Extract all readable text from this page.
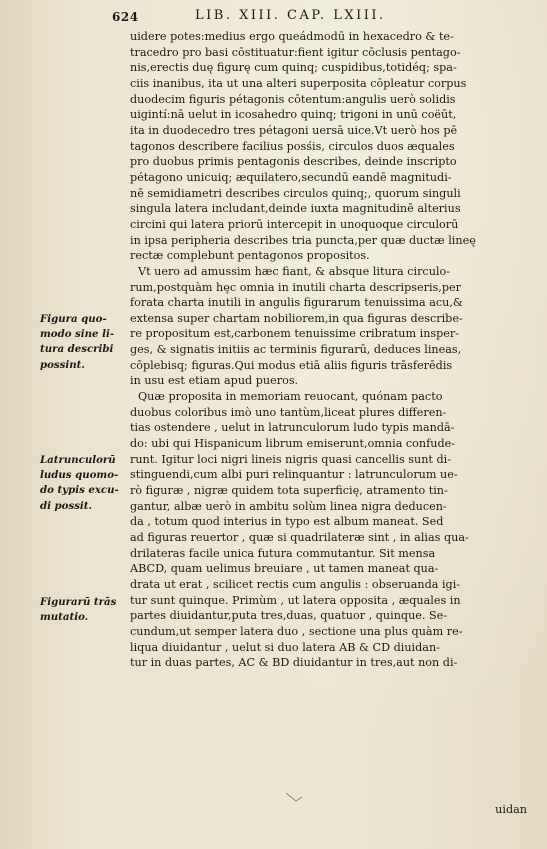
624	LIB. XIII. CAP. LXIII.
uidere potes:medius ergo queádmodū in hexacedro & te-
tracedro pro basi cōstituatur:fient igitur cōclusis pentago-
nis,erectis duę figurę cum quinq; cuspidibus,totidéq; spa-
ciis inanibus, ita ut una alteri superposita cōpleatur corpus
duodecim figuris pétagonis cōtentum:angulis uerò solidis
uigintí:nā uelut in icosahedro quinq; trigoni in unū coëūt,
ita in duodecedro tres pétagoni uersā uice.Vt uerò hos pē
tagonos describere facilius posśis, circulos duos æquales
pro duobus primis pentagonis describes, deinde inscripto
pétagono unicuiq; æquilatero,secundū eandē magnitudi-
nē semidiametri describes circulos quinq;, quorum singuli
singula latera includant,deinde iuxta magnitudinē alterius
circini qui latera priorū intercepit in unoquoque circulorū
in ipsa peripheria describes tria puncta,per quæ ductæ lineę
rectæ complebunt pentagonos propositos.
Vt uero ad amussim hæc fiant, & absque litura circulo-
rum,postquàm hęc omnia in inutili charta descripseris,per
forata charta inutili in angulis figurarum tenuissima acu,&
extensa super chartam nobiliorem,in qua figuras describe-
re propositum est,carbonem tenuissime cribratum insper-
ges, & signatis initiis ac terminis figurarū, deduces lineas,
cōplebisq; figuras.Qui modus etiā aliis figuris trāsferēdis
in usu est etiam apud pueros.
Quæ proposita in memoriam reuocant, quónam pacto
duobus coloribus imò uno tantùm,liceat plures differen-
tias ostendere , uelut in latrunculorum ludo typis mandā-
do: ubi qui Hispanicum librum emiserunt,omnia confude-
runt. Igitur loci nigri lineis nigris quasi cancellis sunt di-
stinguendi,cum albi puri relinquantur : latrunculorum ue-
rò figuræ , nigræ quidem tota superficię, atramento tin-
gantur, albæ uerò in ambitu solùm linea nigra deducen-
da , totum quod interius in typo est album maneat. Sed
ad figuras reuertor , quæ si quadrilateræ sint , in alias qua-
drilateras facile unica futura commutantur. Sit mensa
ABCD, quam uelimus breuiare , ut tamen maneat qua-
drata ut erat , scilicet rectis cum angulis : obseruanda igi-
tur sunt quinque. Primùm , ut latera opposita , æquales in
partes diuidantur,puta tres,duas, quatuor , quinque. Se-
cundum,ut semper latera duo , sectione una plus quàm re-
liqua diuidantur , uelut si duo latera AB & CD diuidan-
tur in duas partes, AC & BD diuidantur in tres,aut non di-
Figura quo-
modo sine li-
tura describi
possint.
Latrunculorū
ludus quomo-
do typis excu-
di possit.
Figurarū trās
mutatio.
uidan
